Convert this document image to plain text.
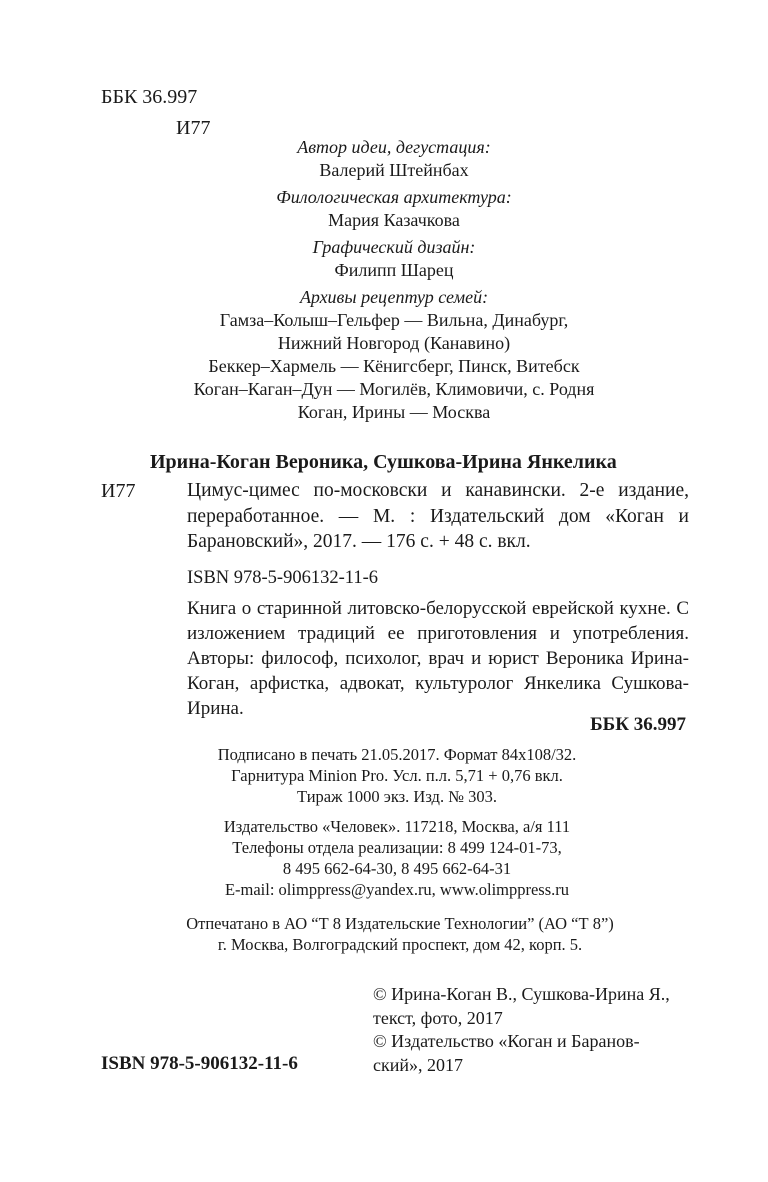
ББК 36.997
И77
Автор идеи, дегустация:
Валерий Штейнбах
Филологическая архитектура:
Мария Казачкова
Графический дизайн:
Филипп Шарец
Архивы рецептур семей:
Гамза–Колыш–Гельфер — Вильна, Динабург,
Нижний Новгород (Канавино)
Беккер–Хармель — Кёнигсберг, Пинск, Витебск
Коган–Каган–Дун — Могилёв, Климовичи, с. Родня
Коган, Ирины — Москва
Ирина-Коган Вероника, Сушкова-Ирина Янкелика
И77	Цимус-цимес по-московски и канавински. 2-е издание, переработанное. — М. : Издательский дом «Коган и Барановский», 2017. — 176 с. + 48 с. вкл.
ISBN 978-5-906132-11-6
Книга о старинной литовско-белорусской еврейской кухне. С изложением традиций ее приготовления и употребления. Авторы: философ, психолог, врач и юрист Вероника Ирина-Коган, арфистка, адвокат, культуролог Янкелика Сушкова-Ирина.
ББК 36.997
Подписано в печать 21.05.2017. Формат 84х108/32.
Гарнитура Minion Pro. Усл. п.л. 5,71 + 0,76 вкл.
Тираж 1000 экз. Изд. № 303.
Издательство «Человек». 117218, Москва, а/я 111
Телефоны отдела реализации: 8 499 124-01-73,
8 495 662-64-30, 8 495 662-64-31
E-mail: olimppress@yandex.ru, www.olimppress.ru
Отпечатано в АО “Т 8 Издательские Технологии” (АО “Т 8”)
г. Москва, Волгоградский проспект, дом 42, корп. 5.
© Ирина-Коган В., Сушкова-Ирина Я.,
текст, фото, 2017
© Издательство «Коган и Баранов-
ский», 2017
ISBN 978-5-906132-11-6
